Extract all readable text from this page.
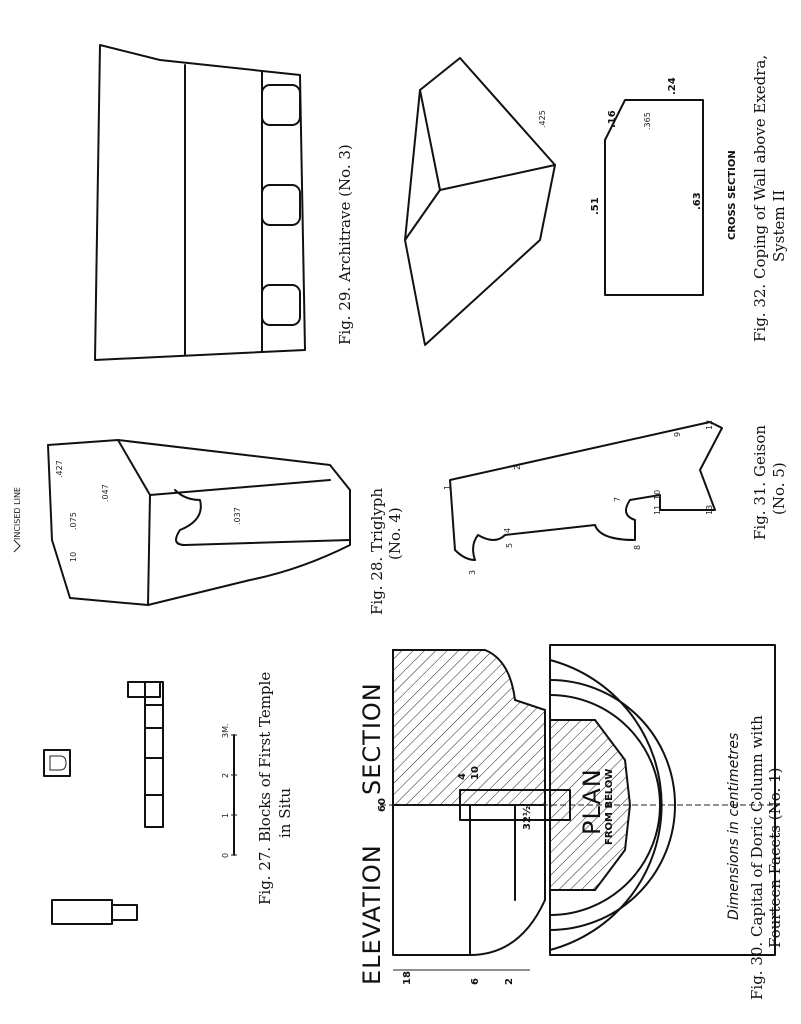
0
1
2
3M. Fig. 27. Blocks of First Temple in Situ
.427
.075
10
.047
.037
INCISED LINE	Fig. 28. Triglyph (No. 4)
Fig. 29. Architrave (No. 3)
ELEVATION
SECTION
PLAN
FROM BELOW	Dimensions in centimetres
60
10
4
32½
18	6 2	Fig. 30. Capital of Doric Column with Fourteen Facets (No. 1)
1
2
9
12
10
13
11
7
8
4
5
3
Fig. 31. Geison (No. 5)
.425
.24
.16	.365
.51	.63 CROSS SECTION Fig. 32. Coping of Wall above Exedra, System II
